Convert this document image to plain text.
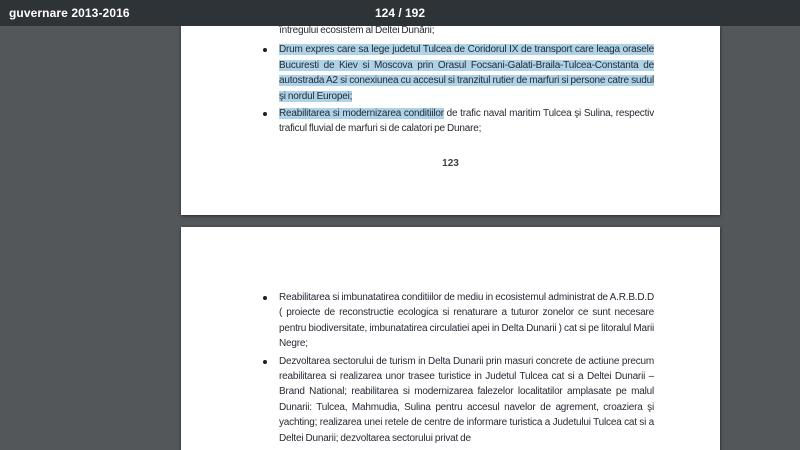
guvernare 2013-2016	124 / 192

întregului ecosistem al Deltei Dunării;

Drum expres care sa lege judetul Tulcea de Coridorul IX de transport care leaga orasele Bucuresti de Kiev si Moscova prin Orasul Focsani-Galati-Braila-Tulcea-Constanta de autostrada A2 si conexiunea cu accesul si tranzitul rutier de marfuri si persone catre sudul şi nordul Europei;

Reabilitarea si modernizarea conditiilor de trafic naval maritim Tulcea şi Sulina, respectiv traficul fluvial de marfuri si de calatori pe Dunare;

123

Reabilitarea si imbunatatirea conditiilor de mediu in ecosistemul administrat de A.R.B.D.D ( proiecte de reconstructie ecologica si renaturare a tuturor zonelor ce sunt necesare pentru biodiversitate, imbunatatirea circulatiei apei in Delta Dunarii ) cat si pe litoralul Marii Negre;

Dezvoltarea sectorului de turism in Delta Dunarii prin masuri concrete de actiune precum reabilitarea si realizarea unor trasee turistice in Judetul Tulcea cat si a Deltei Dunarii – Brand National; reabilitarea si modernizarea falezelor localitatilor amplasate pe malul Dunarii: Tulcea, Mahmudia, Sulina pentru accesul navelor de agrement, croaziera şi yachting; realizarea unei retele de centre de informare turistica a Judetului Tulcea cat si a Deltei Dunarii; dezvoltarea sectorului privat de
